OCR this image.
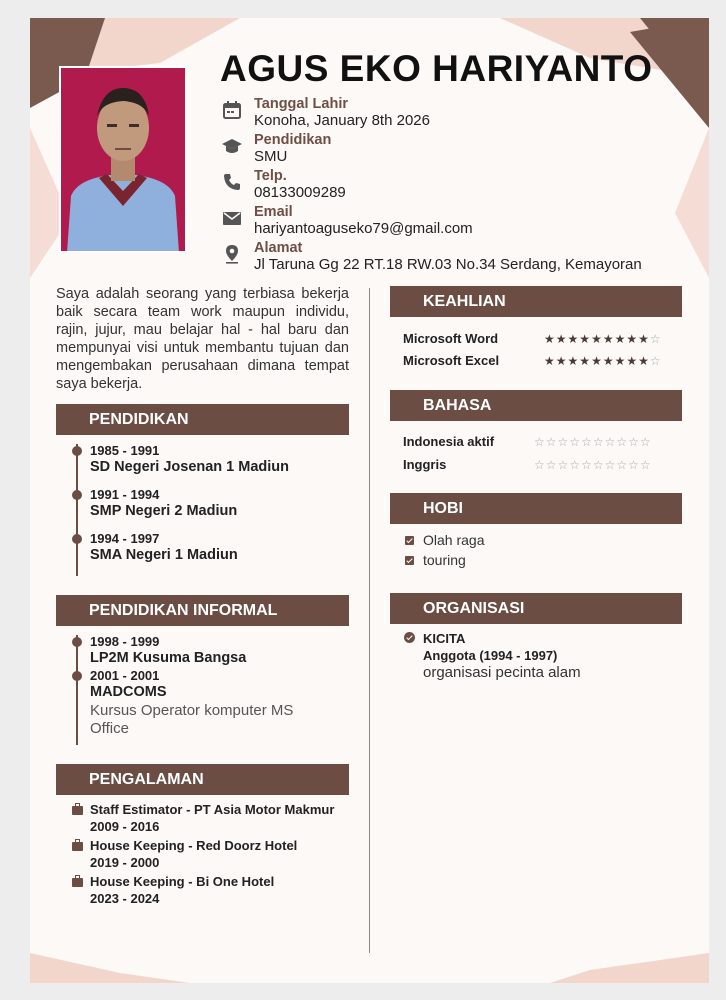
AGUS EKO HARIYANTO
Tanggal Lahir
Konoha, January 8th 2026
Pendidikan
SMU
Telp.
08133009289
Email
hariyantoaguseko79@gmail.com
Alamat
Jl Taruna Gg 22 RT.18 RW.03 No.34 Serdang, Kemayoran
Saya adalah seorang yang terbiasa bekerja baik secara team work maupun individu, rajin, jujur, mau belajar hal - hal baru dan mempunyai visi untuk membantu tujuan dan mengembakan perusahaan dimana tempat saya bekerja.
PENDIDIKAN
1985 - 1991
SD Negeri Josenan 1 Madiun
1991 - 1994
SMP Negeri 2 Madiun
1994 - 1997
SMA Negeri 1 Madiun
PENDIDIKAN INFORMAL
1998 - 1999
LP2M Kusuma Bangsa
2001 - 2001
MADCOMS
Kursus Operator komputer MS Office
PENGALAMAN
Staff Estimator - PT Asia Motor Makmur
2009 - 2016
House Keeping - Red Doorz Hotel
2019 - 2000
House Keeping - Bi One Hotel
2023 - 2024
KEAHLIAN
Microsoft Word	★★★★★★★★★☆
Microsoft Excel	★★★★★★★★★☆
BAHASA
Indonesia aktif	☆☆☆☆☆☆☆☆☆☆
Inggris	☆☆☆☆☆☆☆☆☆☆
HOBI
Olah raga
touring
ORGANISASI
KICITA
Anggota (1994 - 1997)
organisasi pecinta alam
